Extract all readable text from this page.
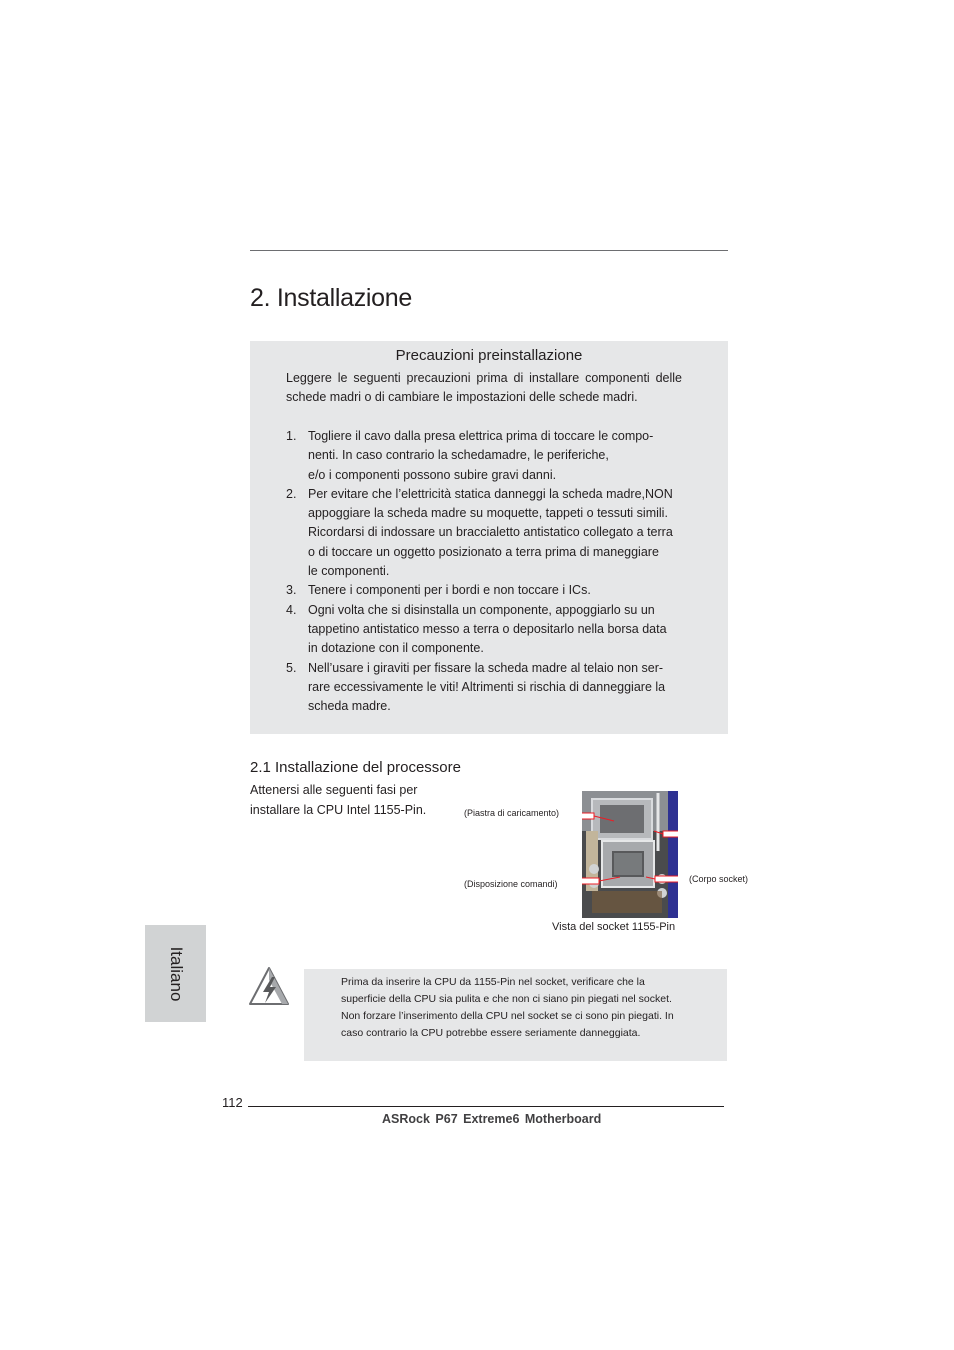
2. Installazione
Precauzioni preinstallazione

Leggere le seguenti precauzioni prima di installare componenti delle schede madri o di cambiare le impostazioni delle schede madri.

1. Togliere il cavo dalla presa elettrica prima di toccare le compo-
nenti. In caso contrario la schedamadre, le periferiche,
e/o i componenti possono subire gravi danni.
2. Per evitare che l’elettricità statica danneggi la scheda madre,NON
appoggiare la scheda madre su moquette, tappeti o tessuti simili.
Ricordarsi di indossare un braccialetto antistatico collegato a terra
o di toccare un oggetto posizionato a terra prima di maneggiare
le componenti.
3. Tenere i componenti per i bordi e non toccare i ICs.
4. Ogni volta che si disinstalla un componente, appoggiarlo su un
tappetino antistatico messo a terra o depositarlo nella borsa data
in dotazione con il componente.
5. Nell’usare i giraviti per fissare la scheda madre al telaio non ser-
rare eccessivamente le viti! Altrimenti si rischia di danneggiare la
scheda madre.
2.1 Installazione del processore

Attenersi alle seguenti fasi per installare la CPU Intel 1155-Pin.	(Piastra di caricamento)
(Disposizione comandi)	(Corpo socket)
Vista del socket 1155-Pin
Italiano	Prima da inserire la CPU da 1155-Pin nel socket, verificare che la superficie della CPU sia pulita e che non ci siano pin piegati nel socket. Non forzare l’inserimento della CPU nel socket se ci sono pin piegati. In caso contrario la CPU potrebbe essere seriamente danneggiata.

112
ASRock P67 Extreme6 Motherboard
